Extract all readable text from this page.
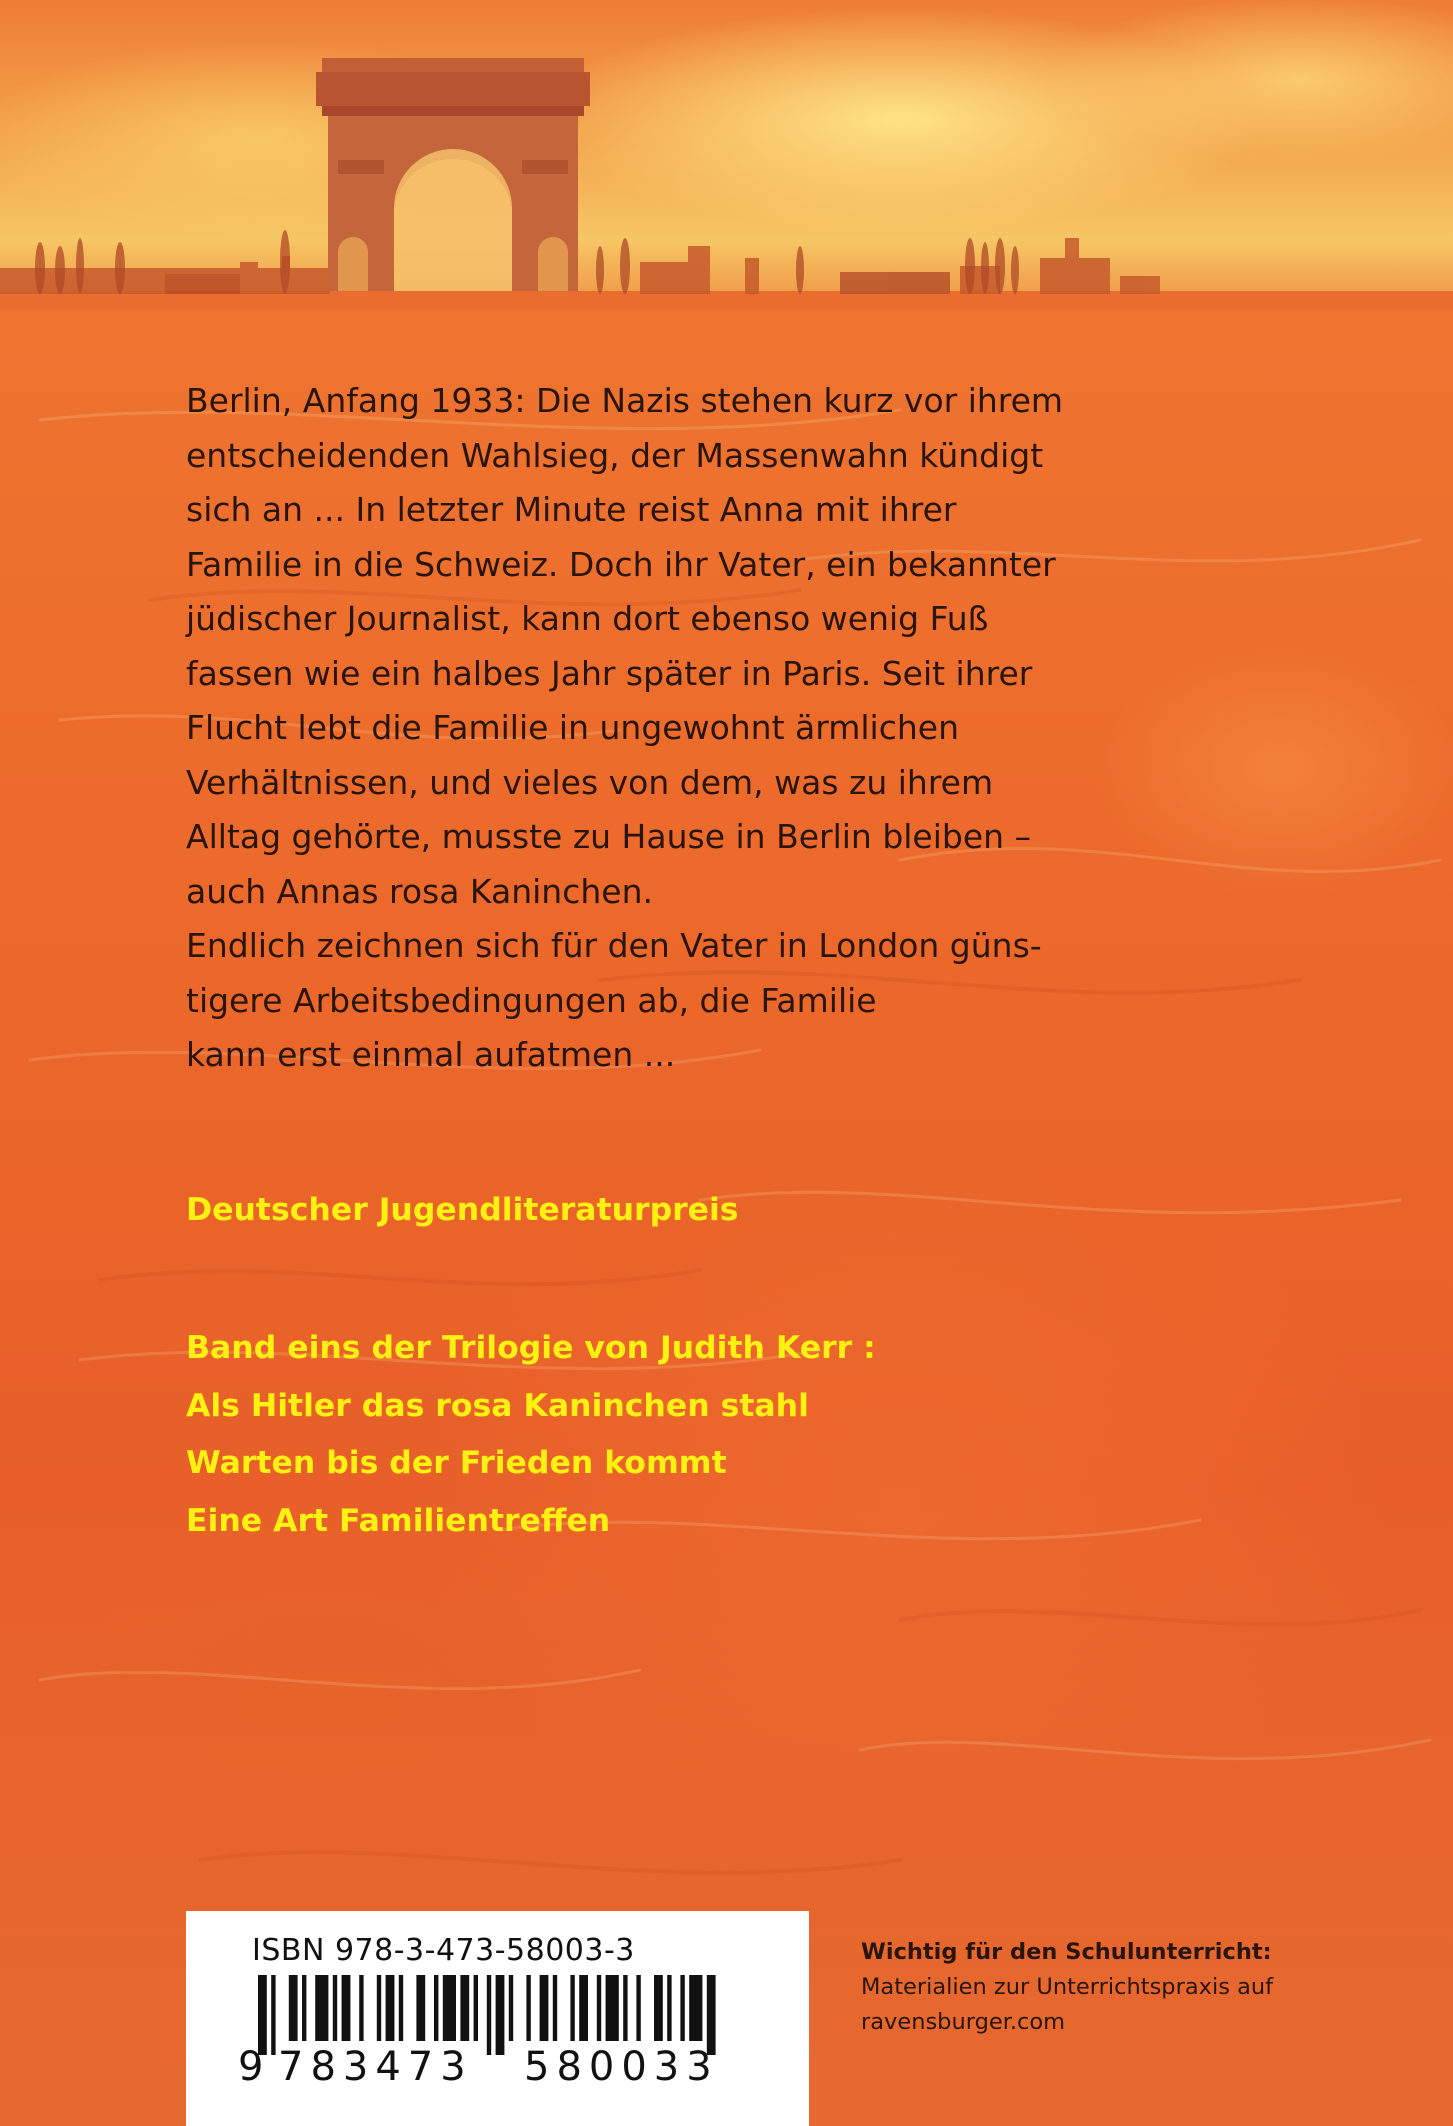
Berlin, Anfang 1933: Die Nazis stehen kurz vor ihrem
entscheidenden Wahlsieg, der Massenwahn kündigt
sich an ... In letzter Minute reist Anna mit ihrer
Familie in die Schweiz. Doch ihr Vater, ein bekannter
jüdischer Journalist, kann dort ebenso wenig Fuß
fassen wie ein halbes Jahr später in Paris. Seit ihrer
Flucht lebt die Familie in ungewohnt ärmlichen
Verhältnissen, und vieles von dem, was zu ihrem
Alltag gehörte, musste zu Hause in Berlin bleiben –
auch Annas rosa Kaninchen.
Endlich zeichnen sich für den Vater in London güns-
tigere Arbeitsbedingungen ab, die Familie
kann erst einmal aufatmen ...

Deutscher Jugendliteraturpreis

Band eins der Trilogie von Judith Kerr :
Als Hitler das rosa Kaninchen stahl
Warten bis der Frieden kommt
Eine Art Familientreffen
ISBN 978-3-473-58003-3
9 783473 580033
Wichtig für den Schulunterricht:
Materialien zur Unterrichtspraxis auf
ravensburger.com
